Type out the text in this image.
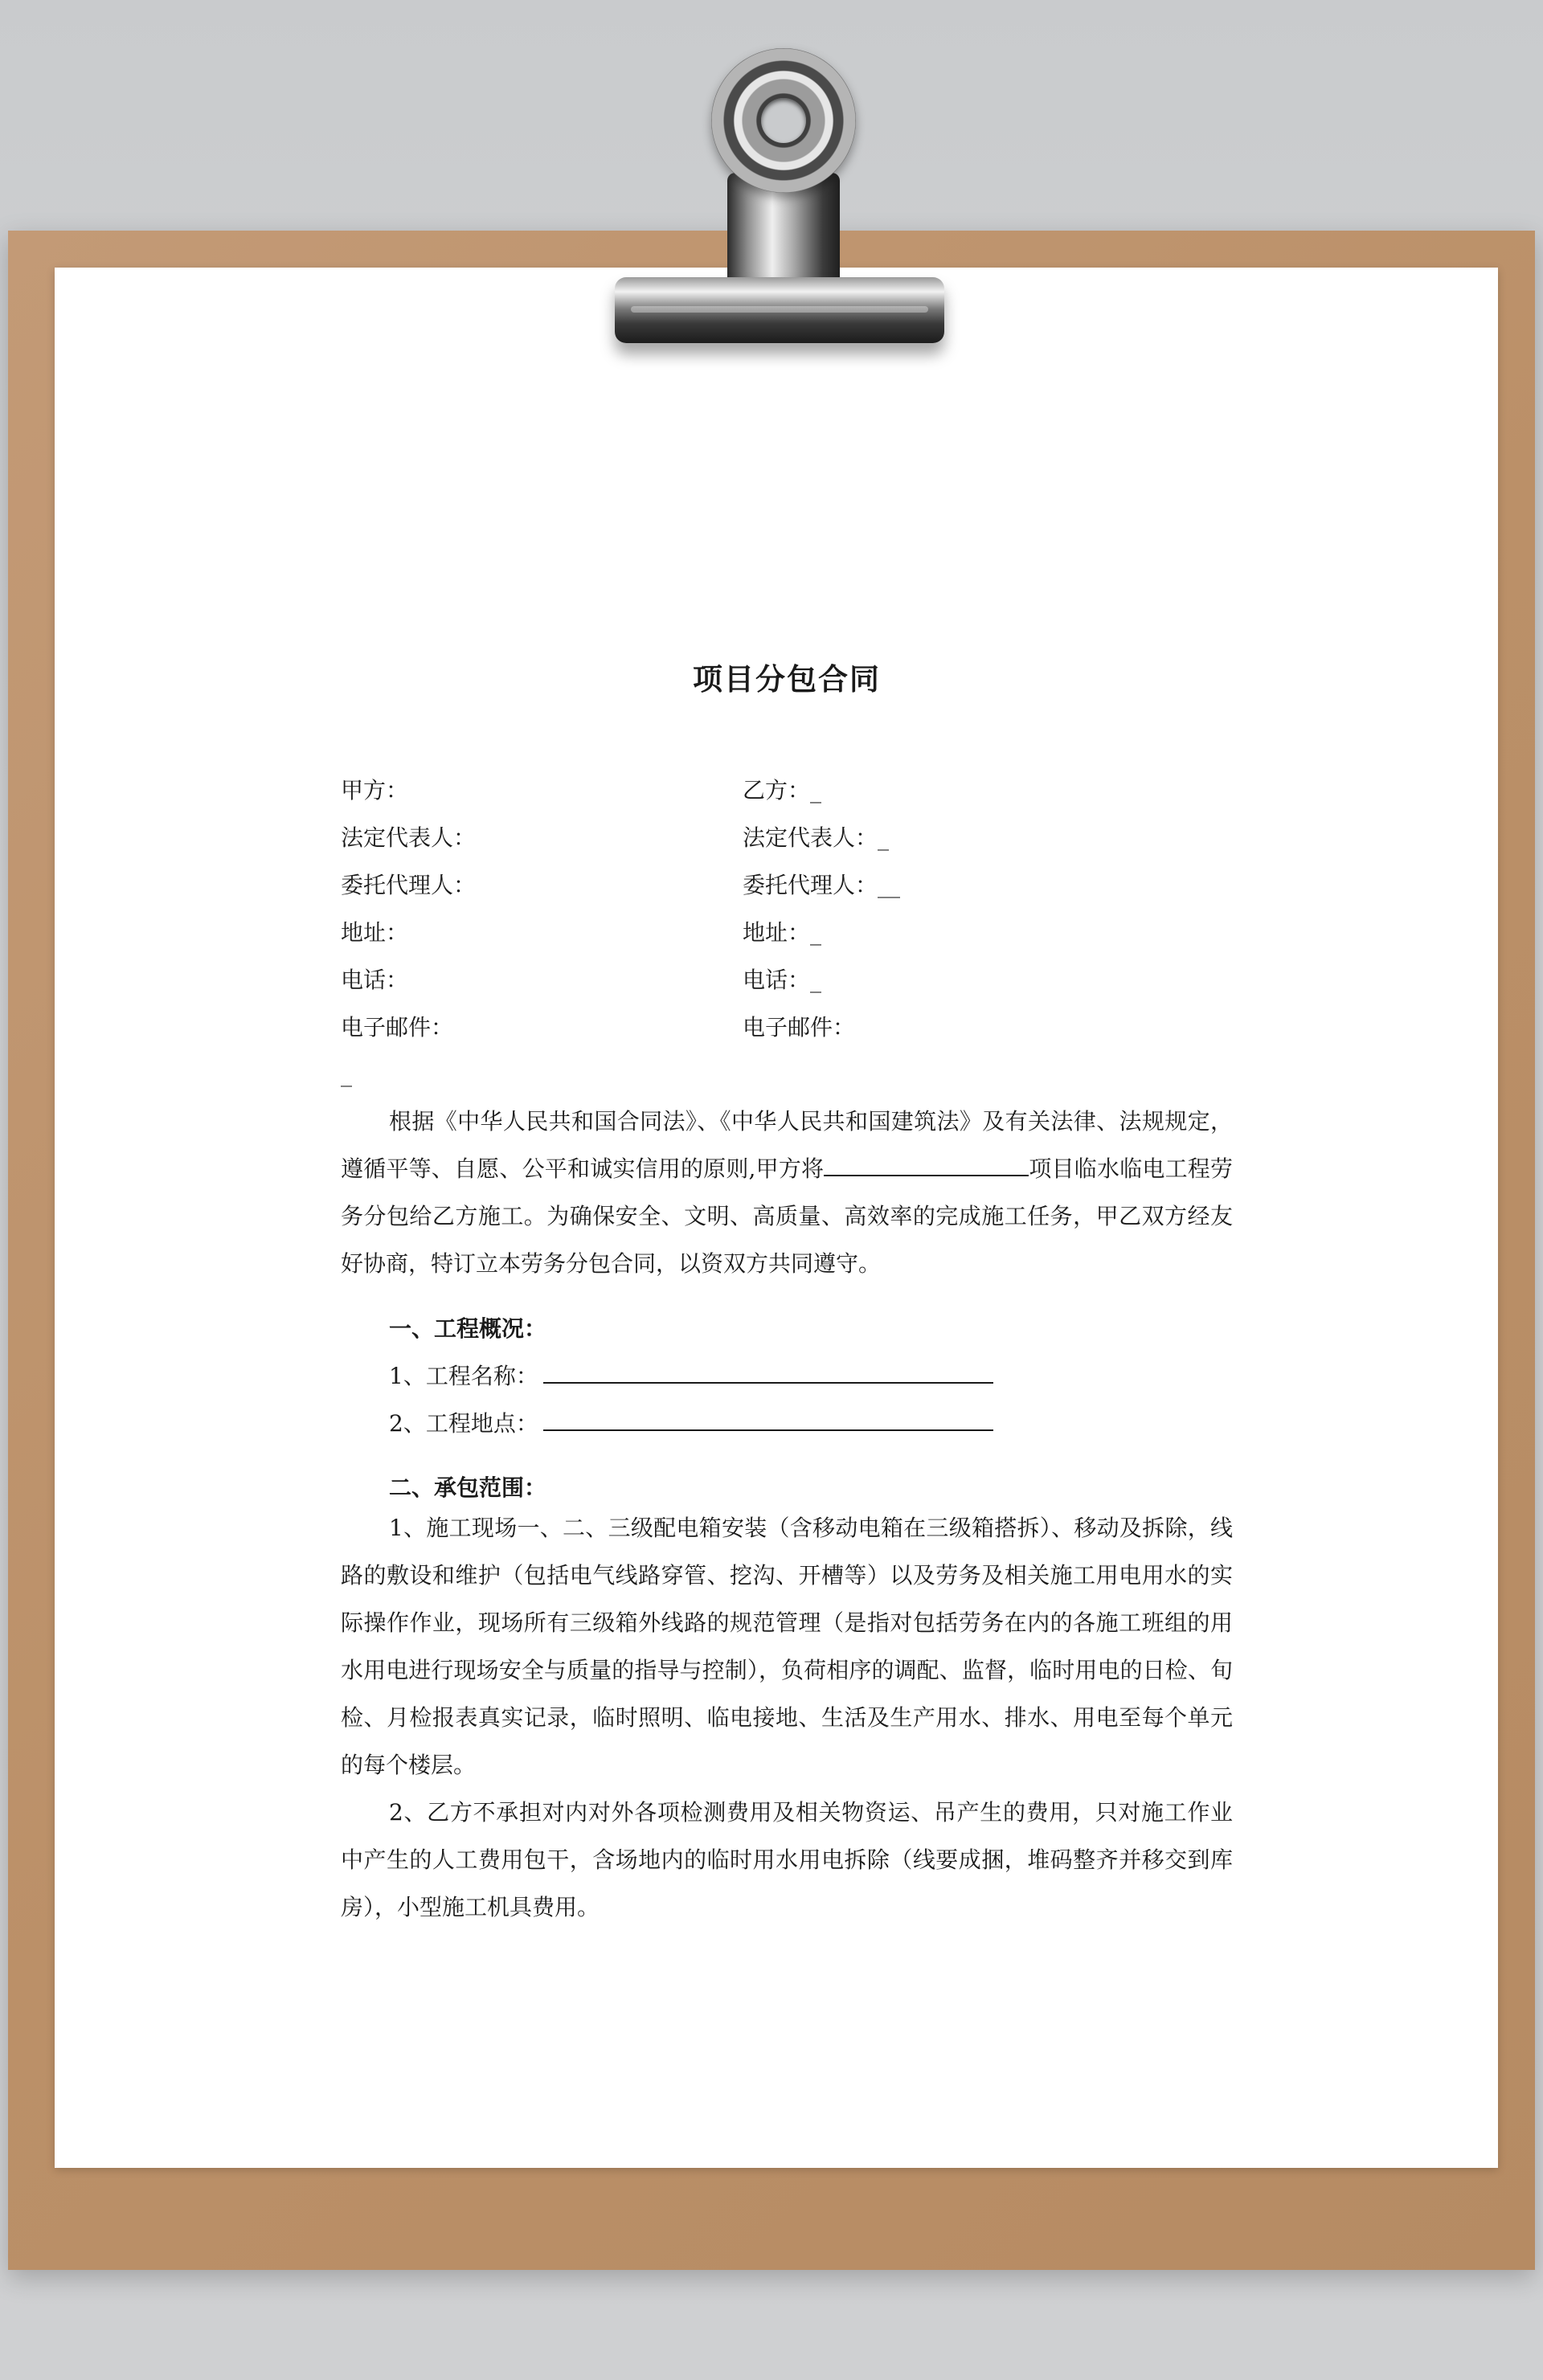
项目分包合同
甲方：	乙方：_
法定代表人：	法定代表人：_
委托代理人：	委托代理人：__
地址：	地址：_
电话：	电话：_
电子邮件：	电子邮件：
_

根据《中华人民共和国合同法》、《中华人民共和国建筑法》及有关法律、法规规定，遵循平等、自愿、公平和诚实信用的原则,甲方将	项目临水临电工程劳务分包给乙方施工。为确保安全、文明、高质量、高效率的完成施工任务，甲乙双方经友好协商，特订立本劳务分包合同，以资双方共同遵守。

一、工程概况：
1、工程名称：
2、工程地点：
二、承包范围：

1、施工现场一、二、三级配电箱安装（含移动电箱在三级箱搭拆）、移动及拆除，线路的敷设和维护（包括电气线路穿管、挖沟、开槽等）以及劳务及相关施工用电用水的实际操作作业，现场所有三级箱外线路的规范管理（是指对包括劳务在内的各施工班组的用水用电进行现场安全与质量的指导与控制），负荷相序的调配、监督，临时用电的日检、旬检、月检报表真实记录，临时照明、临电接地、生活及生产用水、排水、用电至每个单元的每个楼层。

2、乙方不承担对内对外各项检测费用及相关物资运、吊产生的费用，只对施工作业中产生的人工费用包干，含场地内的临时用水用电拆除（线要成捆，堆码整齐并移交到库房），小型施工机具费用。
